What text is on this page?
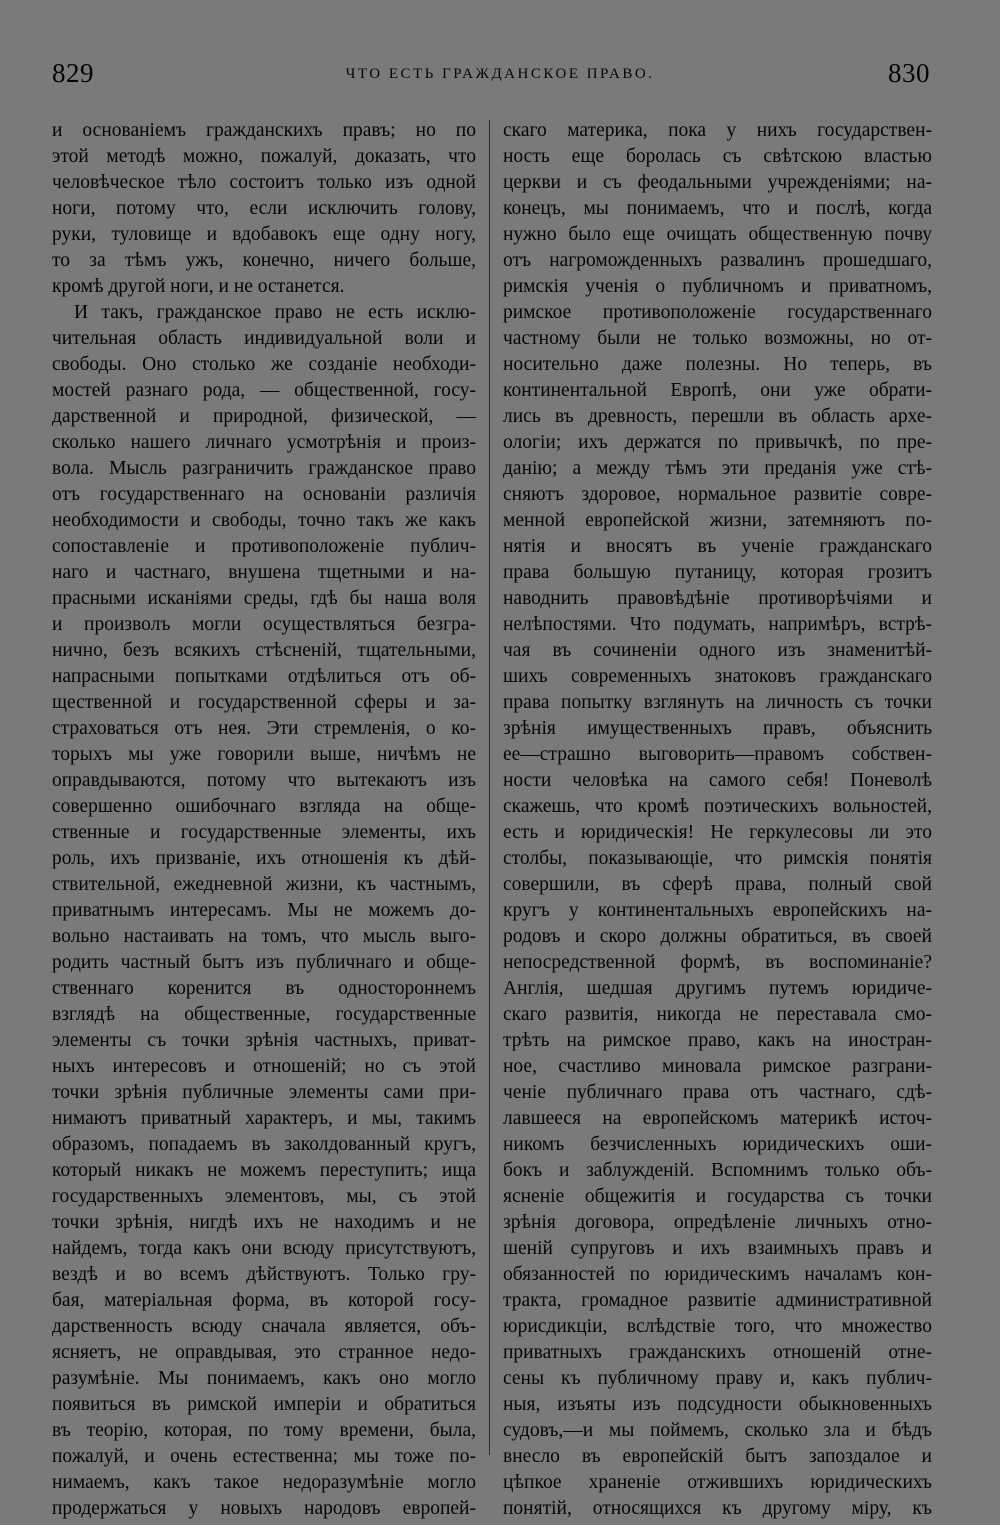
829	ЧТО ЕСТЬ ГРАЖДАНСКОЕ ПРАВО.	830
и основаніемъ гражданскихъ правъ; но по
этой методѣ можно, пожалуй, доказать, что
человѣческое тѣло состоитъ только изъ одной
ноги, потому что, если исключить голову,
руки, туловище и вдобавокъ еще одну ногу,
то за тѣмъ ужъ, конечно, ничего больше,
кромѣ другой ноги, и не останется.
И такъ, гражданское право не есть исклю-
чительная область индивидуальной воли и
свободы. Оно столько же созданіе необходи-
мостей разнаго рода, — общественной, госу-
дарственной и природной, физической, —
сколько нашего личнаго усмотрѣнія и произ-
вола. Мысль разграничить гражданское право
отъ государственнаго на основаніи различія
необходимости и свободы, точно такъ же какъ
сопоставленіе и противоположеніе публич-
наго и частнаго, внушена тщетными и на-
прасными исканіями среды, гдѣ бы наша воля
и произволъ могли осуществляться безгра-
нично, безъ всякихъ стѣсненій, тщательными,
напрасными попытками отдѣлиться отъ об-
щественной и государственной сферы и за-
страховаться отъ нея. Эти стремленія, о ко-
торыхъ мы уже говорили выше, ничѣмъ не
оправдываются, потому что вытекаютъ изъ
совершенно ошибочнаго взгляда на обще-
ственные и государственные элементы, ихъ
роль, ихъ призваніе, ихъ отношенія къ дѣй-
ствительной, ежедневной жизни, къ частнымъ,
приватнымъ интересамъ. Мы не можемъ до-
вольно настаивать на томъ, что мысль выго-
родить частный бытъ изъ публичнаго и обще-
ственнаго коренится въ одностороннемъ
взглядѣ на общественные, государственные
элементы съ точки зрѣнія частныхъ, приват-
ныхъ интересовъ и отношеній; но съ этой
точки зрѣнія публичные элементы сами при-
нимаютъ приватный характеръ, и мы, такимъ
образомъ, попадаемъ въ заколдованный кругъ,
который никакъ не можемъ переступить; ища
государственныхъ элементовъ, мы, съ этой
точки зрѣнія, нигдѣ ихъ не находимъ и не
найдемъ, тогда какъ они всюду присутствуютъ,
вездѣ и во всемъ дѣйствуютъ. Только гру-
бая, матеріальная форма, въ которой госу-
дарственность всюду сначала является, объ-
ясняетъ, не оправдывая, это странное недо-
разумѣніе. Мы понимаемъ, какъ оно могло
появиться въ римской имперіи и обратиться
въ теорію, которая, по тому времени, была,
пожалуй, и очень естественна; мы тоже по-
нимаемъ, какъ такое недоразумѣніе могло
продержаться у новыхъ народовъ европей-
скаго материка, пока у нихъ государствен-
ность еще боролась съ свѣтскою властью
церкви и съ феодальными учрежденіями; на-
конецъ, мы понимаемъ, что и послѣ, когда
нужно было еще очищать общественную почву
отъ нагроможденныхъ развалинъ прошедшаго,
римскія ученія о публичномъ и приватномъ,
римское противоположеніе государственнаго
частному были не только возможны, но от-
носительно даже полезны. Но теперь, въ
континентальной Европѣ, они уже обрати-
лись въ древность, перешли въ область архе-
ологіи; ихъ держатся по привычкѣ, по пре-
данію; а между тѣмъ эти преданія уже стѣ-
сняютъ здоровое, нормальное развитіе совре-
менной европейской жизни, затемняютъ по-
нятія и вносятъ въ ученіе гражданскаго
права большую путаницу, которая грозитъ
наводнить правовѣдѣніе противорѣчіями и
нелѣпостями. Что подумать, напримѣръ, встрѣ-
чая въ сочиненіи одного изъ знаменитѣй-
шихъ современныхъ знатоковъ гражданскаго
права попытку взглянуть на личность съ точки
зрѣнія имущественныхъ правъ, объяснить
ее—страшно выговорить—правомъ собствен-
ности человѣка на самого себя! Поневолѣ
скажешь, что кромѣ поэтическихъ вольностей,
есть и юридическія! Не геркулесовы ли это
столбы, показывающіе, что римскія понятія
совершили, въ сферѣ права, полный свой
кругъ у континентальныхъ европейскихъ на-
родовъ и скоро должны обратиться, въ своей
непосредственной формѣ, въ воспоминаніе?
Англія, шедшая другимъ путемъ юридиче-
скаго развитія, никогда не переставала смо-
трѣть на римское право, какъ на иностран-
ное, счастливо миновала римское разграни-
ченіе публичнаго права отъ частнаго, сдѣ-
лавшееся на европейскомъ материкѣ источ-
никомъ безчисленныхъ юридическихъ оши-
бокъ и заблужденій. Вспомнимъ только объ-
ясненіе общежитія и государства съ точки
зрѣнія договора, опредѣленіе личныхъ отно-
шеній супруговъ и ихъ взаимныхъ правъ и
обязанностей по юридическимъ началамъ кон-
тракта, громадное развитіе административной
юрисдикціи, вслѣдствіе того, что множество
приватныхъ гражданскихъ отношеній отне-
сены къ публичному праву и, какъ публич-
ныя, изъяты изъ подсудности обыкновенныхъ
судовъ,—и мы поймемъ, сколько зла и бѣдъ
внесло въ европейскій бытъ запоздалое и
цѣпкое храненіе отжившихъ юридическихъ
понятій, относящихся къ другому міру, къ
